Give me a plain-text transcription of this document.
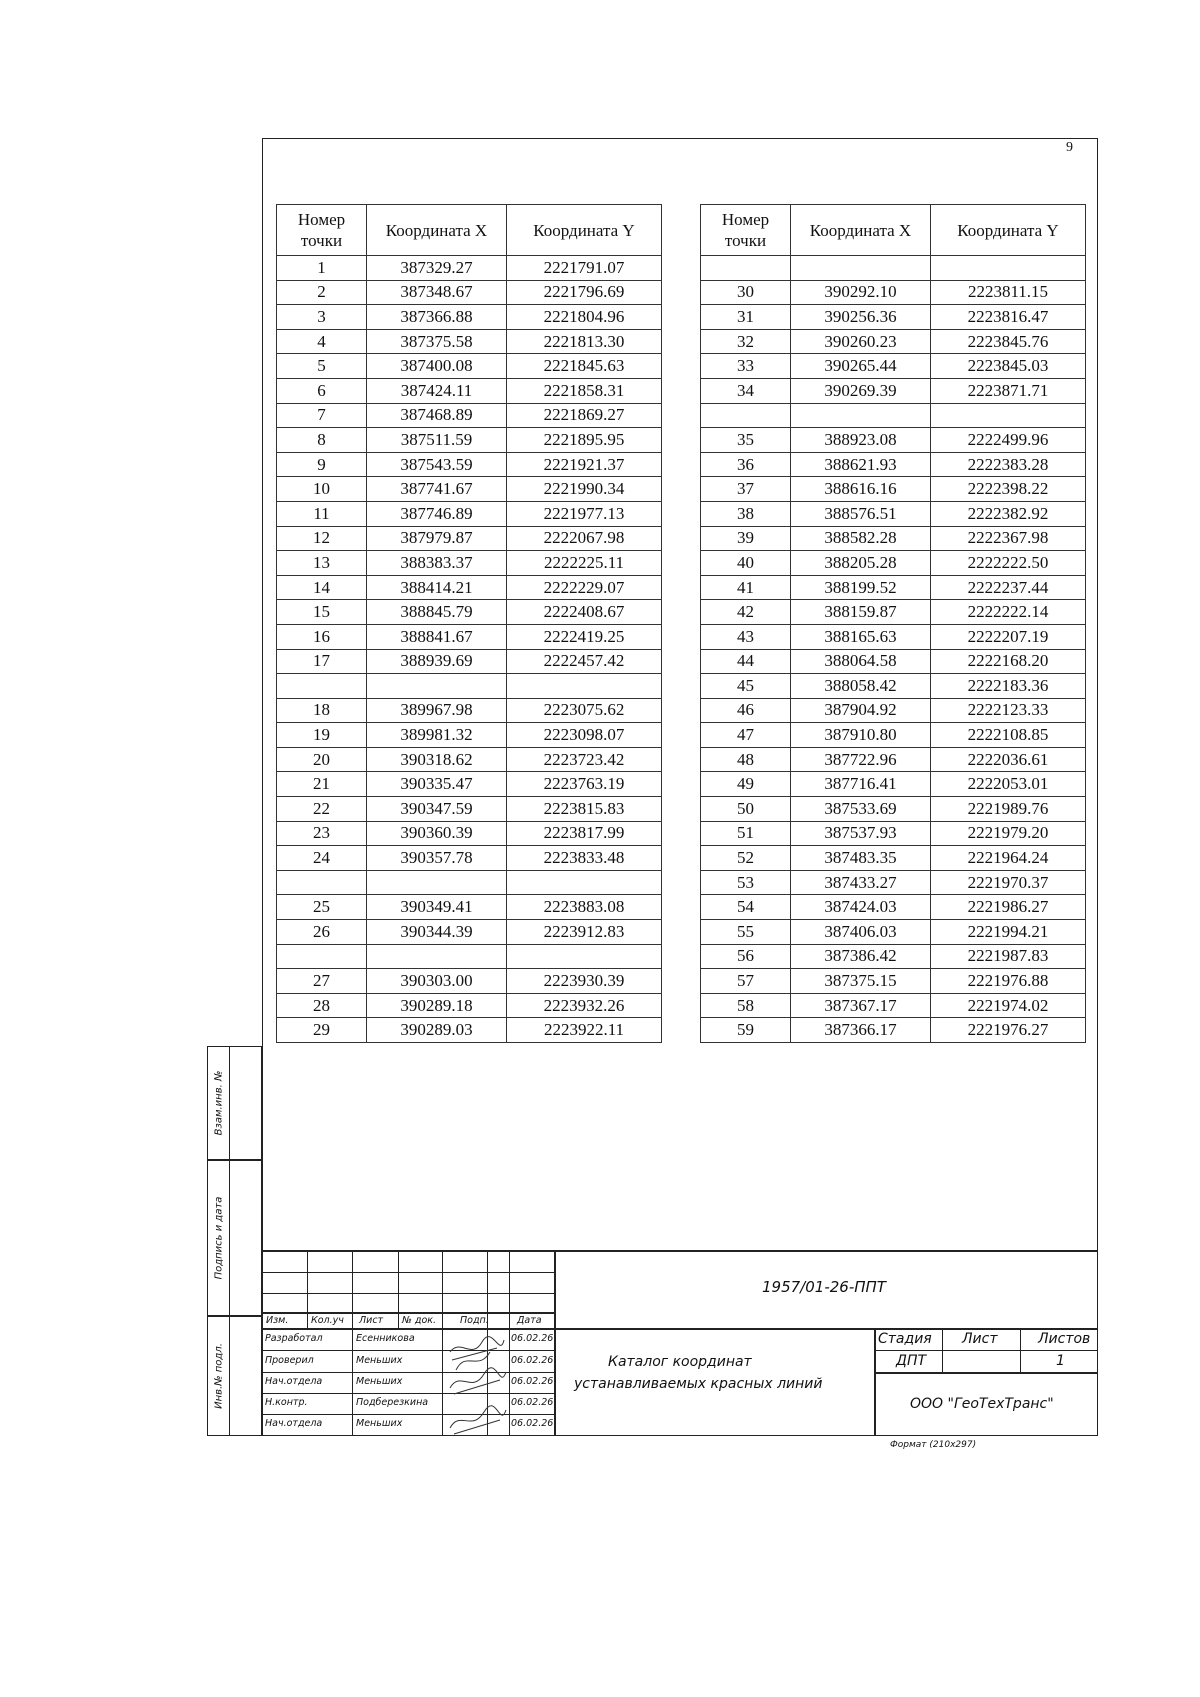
9
Номер точки	Координата X	Координата Y
1	387329.27	2221791.07
2	387348.67	2221796.69
3	387366.88	2221804.96
4	387375.58	2221813.30
5	387400.08	2221845.63
6	387424.11	2221858.31
7	387468.89	2221869.27
8	387511.59	2221895.95
9	387543.59	2221921.37
10	387741.67	2221990.34
11	387746.89	2221977.13
12	387979.87	2222067.98
13	388383.37	2222225.11
14	388414.21	2222229.07
15	388845.79	2222408.67
16	388841.67	2222419.25
17	388939.69	2222457.42

18	389967.98	2223075.62
19	389981.32	2223098.07
20	390318.62	2223723.42
21	390335.47	2223763.19
22	390347.59	2223815.83
23	390360.39	2223817.99
24	390357.78	2223833.48

25	390349.41	2223883.08
26	390344.39	2223912.83

27	390303.00	2223930.39
28	390289.18	2223932.26
29	390289.03	2223922.11
Номер точки	Координата X	Координата Y

30	390292.10	2223811.15
31	390256.36	2223816.47
32	390260.23	2223845.76
33	390265.44	2223845.03
34	390269.39	2223871.71

35	388923.08	2222499.96
36	388621.93	2222383.28
37	388616.16	2222398.22
38	388576.51	2222382.92
39	388582.28	2222367.98
40	388205.28	2222222.50
41	388199.52	2222237.44
42	388159.87	2222222.14
43	388165.63	2222207.19
44	388064.58	2222168.20
45	388058.42	2222183.36
46	387904.92	2222123.33
47	387910.80	2222108.85
48	387722.96	2222036.61
49	387716.41	2222053.01
50	387533.69	2221989.76
51	387537.93	2221979.20
52	387483.35	2221964.24
53	387433.27	2221970.37
54	387424.03	2221986.27
55	387406.03	2221994.21
56	387386.42	2221987.83
57	387375.15	2221976.88
58	387367.17	2221974.02
59	387366.17	2221976.27
Взам.инв. №
Подпись и дата
Инв.№ подл.
1957/01-26-ППТ
Изм. Кол.уч Лист № док.	Подп.	Дата
Разработал	Есенникова	06.02.26
Проверил	Меньших	06.02.26
Нач.отдела	Меньших	06.02.26
Н.контр.	Подберезкина	06.02.26
Нач.отдела	Меньших	06.02.26
Каталог координат
устанавливаемых красных линий
Стадия Лист	Листов
ДПТ	1
ООО "ГеоТехТранс"
Формат (210х297)
